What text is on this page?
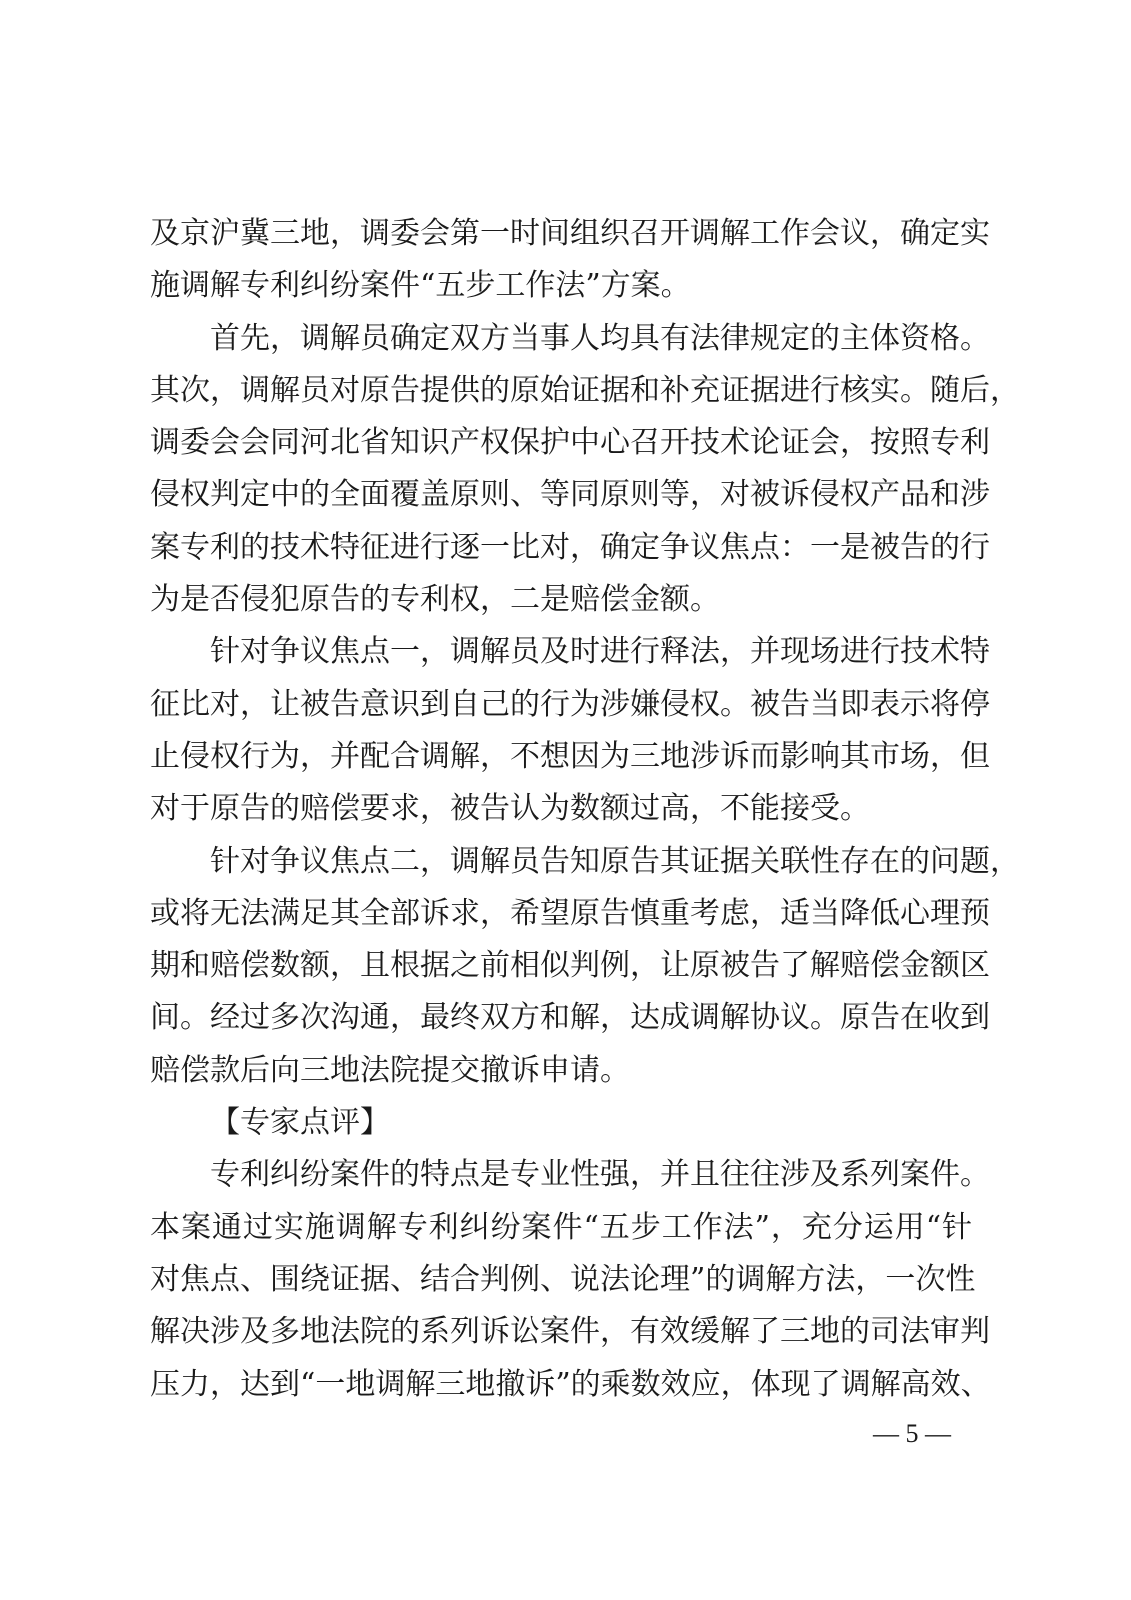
及京沪冀三地，调委会第一时间组织召开调解工作会议，确定实
施调解专利纠纷案件“五步工作法”方案。
首先，调解员确定双方当事人均具有法律规定的主体资格。
其次，调解员对原告提供的原始证据和补充证据进行核实。随后，
调委会会同河北省知识产权保护中心召开技术论证会，按照专利
侵权判定中的全面覆盖原则、等同原则等，对被诉侵权产品和涉
案专利的技术特征进行逐一比对，确定争议焦点：一是被告的行
为是否侵犯原告的专利权，二是赔偿金额。
针对争议焦点一，调解员及时进行释法，并现场进行技术特
征比对，让被告意识到自己的行为涉嫌侵权。被告当即表示将停
止侵权行为，并配合调解，不想因为三地涉诉而影响其市场，但
对于原告的赔偿要求，被告认为数额过高，不能接受。
针对争议焦点二，调解员告知原告其证据关联性存在的问题，
或将无法满足其全部诉求，希望原告慎重考虑，适当降低心理预
期和赔偿数额，且根据之前相似判例，让原被告了解赔偿金额区
间。经过多次沟通，最终双方和解，达成调解协议。原告在收到
赔偿款后向三地法院提交撤诉申请。
【专家点评】
专利纠纷案件的特点是专业性强，并且往往涉及系列案件。
本案通过实施调解专利纠纷案件“五步工作法”，充分运用“针
对焦点、围绕证据、结合判例、说法论理”的调解方法，一次性
解决涉及多地法院的系列诉讼案件，有效缓解了三地的司法审判
压力，达到“一地调解三地撤诉”的乘数效应，体现了调解高效、
— 5 —
